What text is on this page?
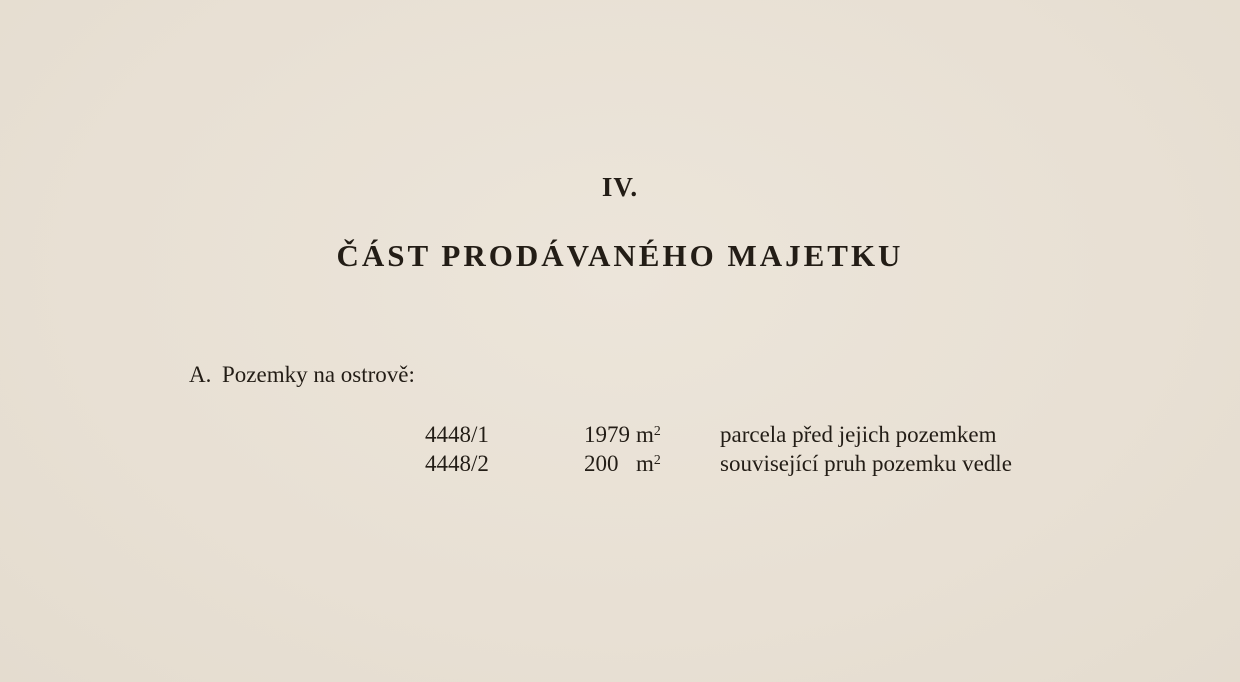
IV.
ČÁST PRODÁVANÉHO MAJETKU
A. Pozemky na ostrově:
4448/1	1979 $m^2$	parcela před jejich pozemkem
4448/2	200 $m^2$	související pruh pozemku vedle
